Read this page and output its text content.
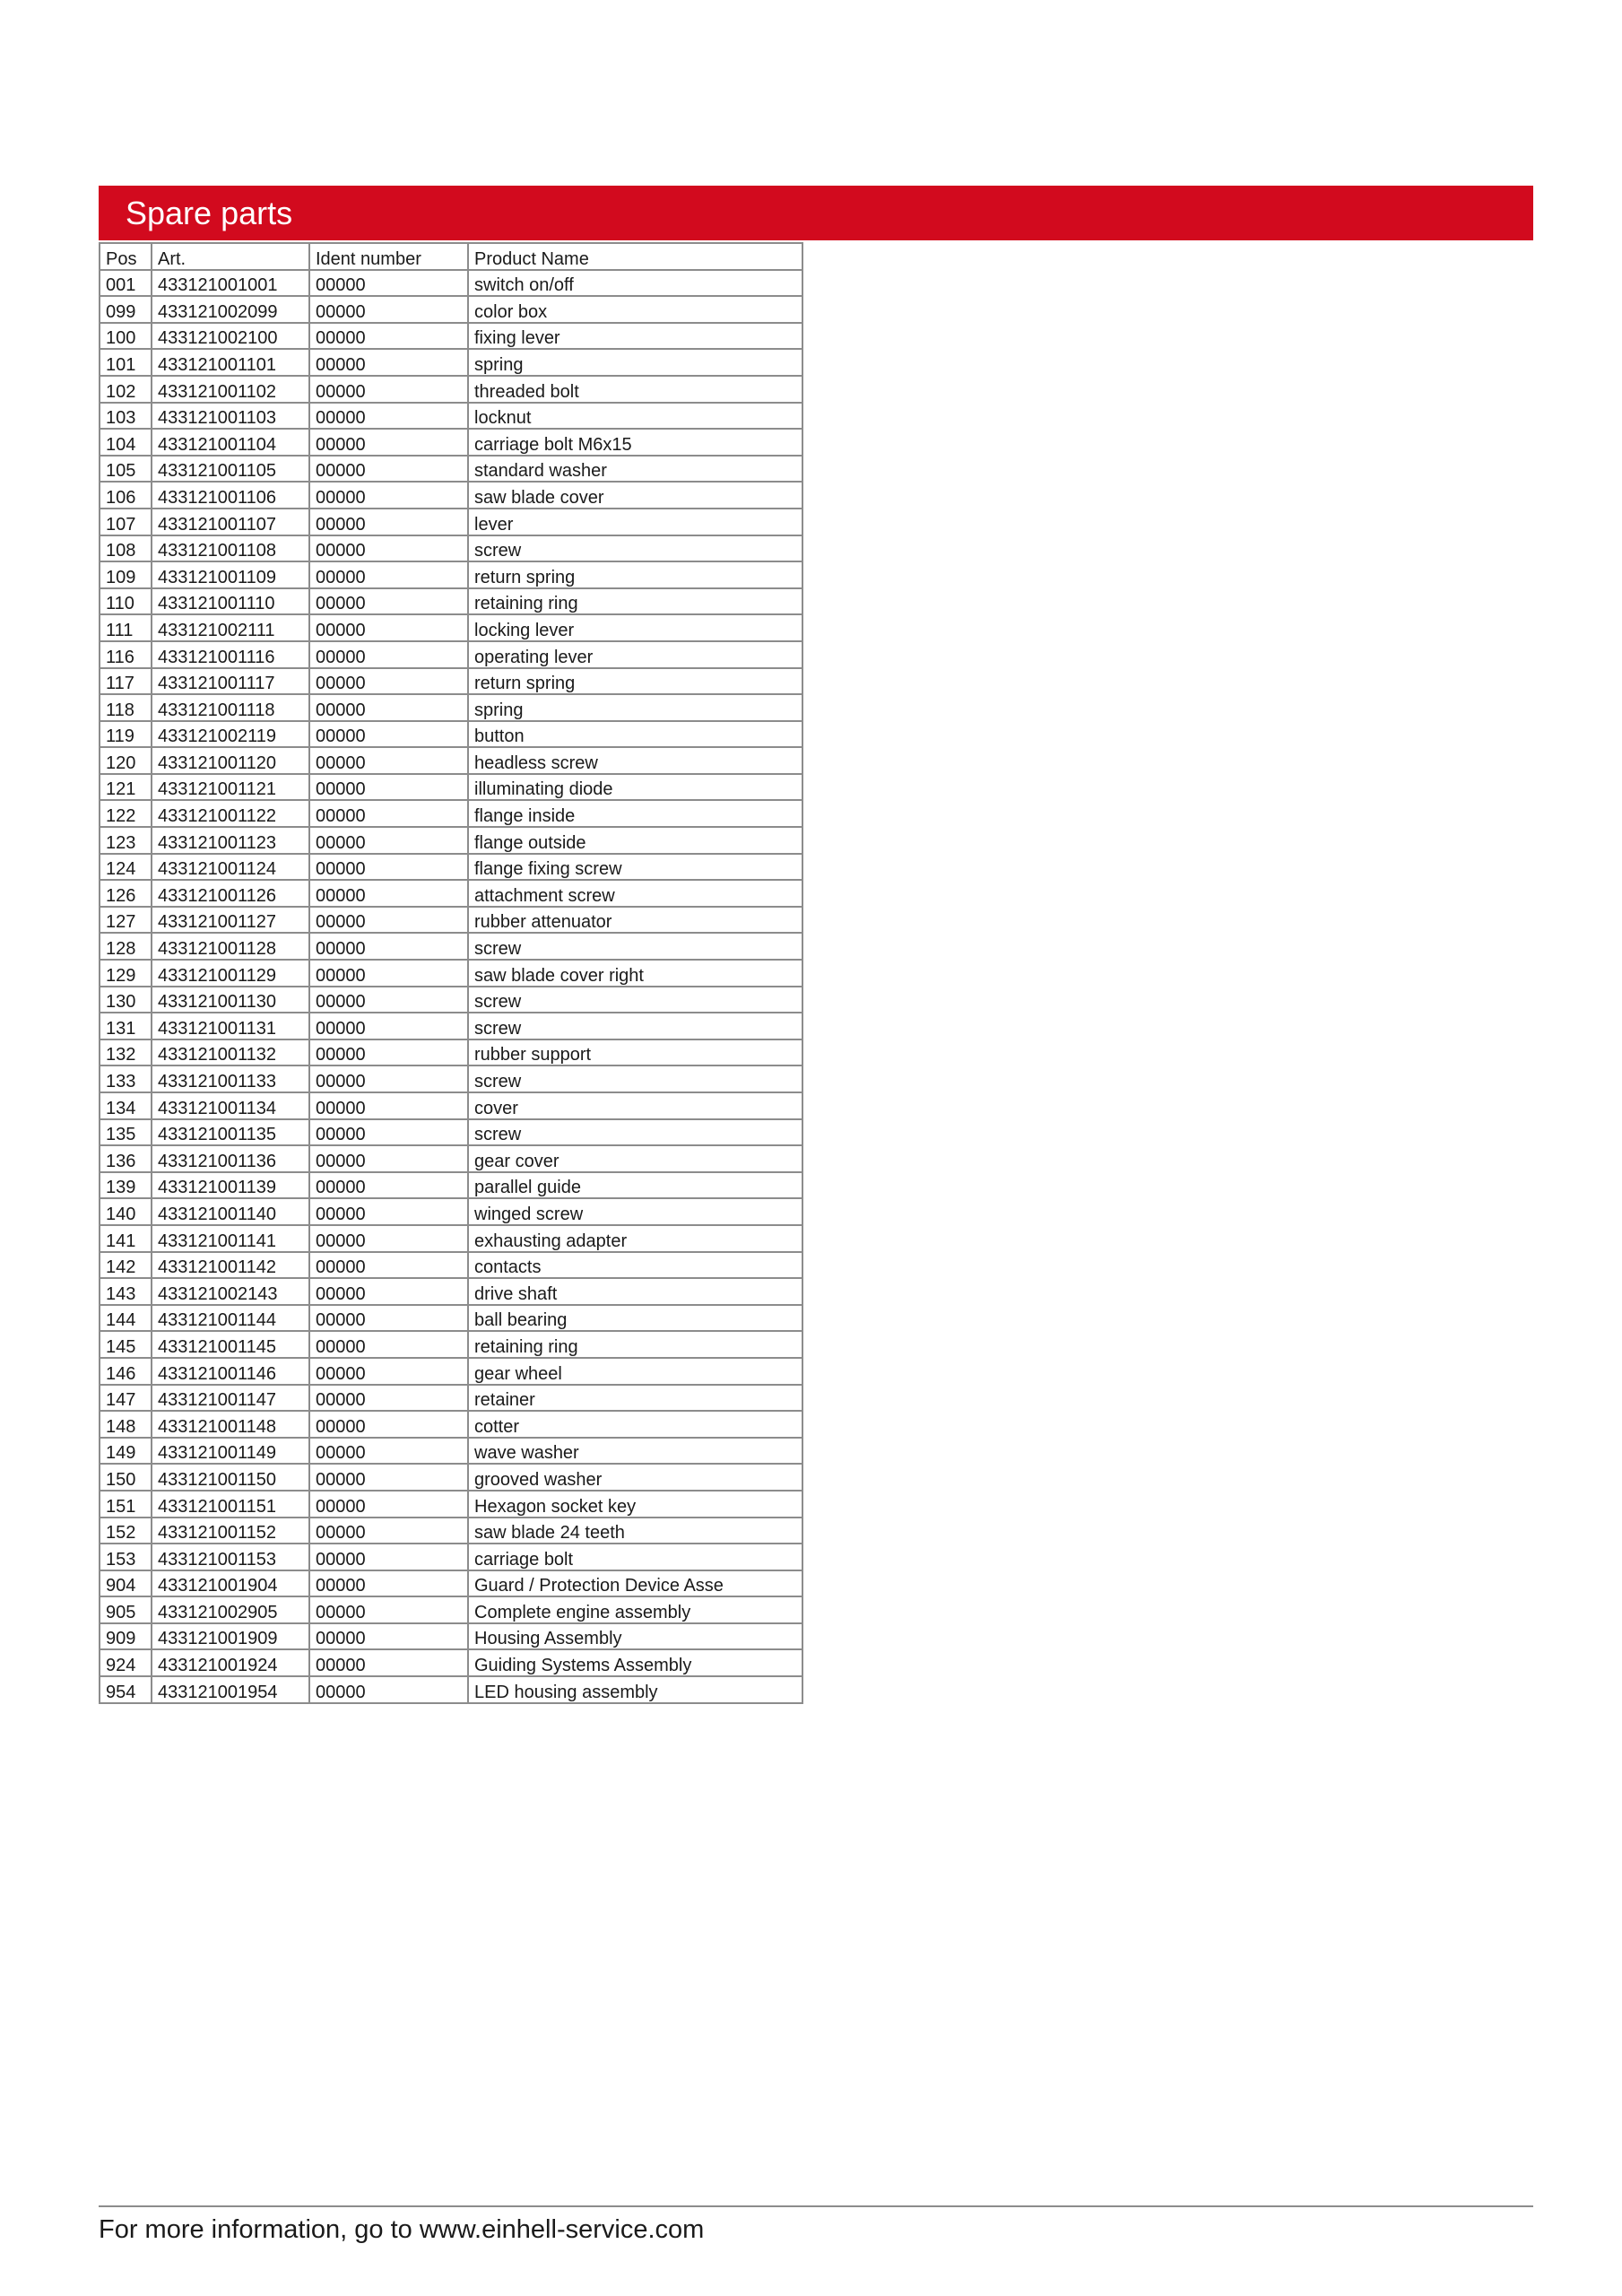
Spare parts
Pos	Art.	Ident number	Product Name
001	433121001001	00000	switch on/off
099	433121002099	00000	color box
100	433121002100	00000	fixing lever
101	433121001101	00000	spring
102	433121001102	00000	threaded bolt
103	433121001103	00000	locknut
104	433121001104	00000	carriage bolt M6x15
105	433121001105	00000	standard washer
106	433121001106	00000	saw blade cover
107	433121001107	00000	lever
108	433121001108	00000	screw
109	433121001109	00000	return spring
110	433121001110	00000	retaining ring
111	433121002111	00000	locking lever
116	433121001116	00000	operating lever
117	433121001117	00000	return spring
118	433121001118	00000	spring
119	433121002119	00000	button
120	433121001120	00000	headless screw
121	433121001121	00000	illuminating diode
122	433121001122	00000	flange inside
123	433121001123	00000	flange outside
124	433121001124	00000	flange fixing screw
126	433121001126	00000	attachment screw
127	433121001127	00000	rubber attenuator
128	433121001128	00000	screw
129	433121001129	00000	saw blade cover right
130	433121001130	00000	screw
131	433121001131	00000	screw
132	433121001132	00000	rubber support
133	433121001133	00000	screw
134	433121001134	00000	cover
135	433121001135	00000	screw
136	433121001136	00000	gear cover
139	433121001139	00000	parallel guide
140	433121001140	00000	winged screw
141	433121001141	00000	exhausting adapter
142	433121001142	00000	contacts
143	433121002143	00000	drive shaft
144	433121001144	00000	ball bearing
145	433121001145	00000	retaining ring
146	433121001146	00000	gear wheel
147	433121001147	00000	retainer
148	433121001148	00000	cotter
149	433121001149	00000	wave washer
150	433121001150	00000	grooved washer
151	433121001151	00000	Hexagon socket key
152	433121001152	00000	saw blade 24 teeth
153	433121001153	00000	carriage bolt
904	433121001904	00000	Guard / Protection Device Asse
905	433121002905	00000	Complete engine assembly
909	433121001909	00000	Housing Assembly
924	433121001924	00000	Guiding Systems Assembly
954	433121001954	00000	LED housing assembly
For more information, go to www.einhell-service.com
